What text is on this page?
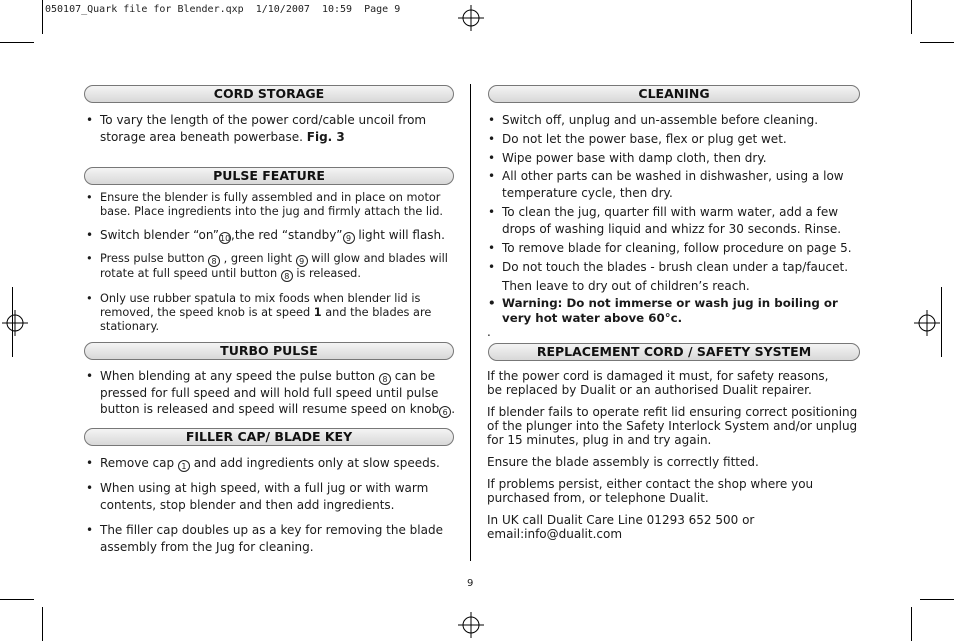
050107_Quark file for Blender.qxp  1/10/2007  10:59  Page 9
CORD STORAGE
• To vary the length of the power cord/cable uncoil from storage area beneath powerbase. Fig. 3
PULSE FEATURE
• Ensure the blender is fully assembled and in place on motor base. Place ingredients into the jug and firmly attach the lid.
• Switch blender “on”10,the red “standby” 9 light will flash.
• Press pulse button 8 , green light 9 will glow and blades will rotate at full speed until button 8 is released.
• Only use rubber spatula to mix foods when blender lid is removed, the speed knob is at speed 1 and the blades are stationary.
TURBO PULSE
• When blending at any speed the pulse button 8 can be pressed for full speed and will hold full speed until pulse button is released and speed will resume speed on knob 6 .
FILLER CAP/ BLADE KEY
• Remove cap 1 and add ingredients only at slow speeds.
• When using at high speed, with a full jug or with warm contents, stop blender and then add ingredients.
• The filler cap doubles up as a key for removing the blade assembly from the Jug for cleaning.
CLEANING
• Switch off, unplug and un-assemble before cleaning.
• Do not let the power base, flex or plug get wet.
• Wipe power base with damp cloth, then dry.
• All other parts can be washed in dishwasher, using a low temperature cycle, then dry.
• To clean the jug, quarter fill with warm water, add a few drops of washing liquid and whizz for 30 seconds. Rinse.
• To remove blade for cleaning, follow procedure on page 5.
• Do not touch the blades - brush clean under a tap/faucet. Then leave to dry out of children’s reach.
• Warning: Do not immerse or wash jug in boiling or very hot water above 60°c.
.
REPLACEMENT CORD / SAFETY SYSTEM
If the power cord is damaged it must, for safety reasons, be replaced by Dualit or an authorised Dualit repairer.
If blender fails to operate refit lid ensuring correct positioning of the plunger into the Safety Interlock System and/or unplug for 15 minutes, plug in and try again.
Ensure the blade assembly is correctly fitted.
If problems persist, either contact the shop where you purchased from, or telephone Dualit.
In UK call Dualit Care Line 01293 652 500 or email:info@dualit.com
9
